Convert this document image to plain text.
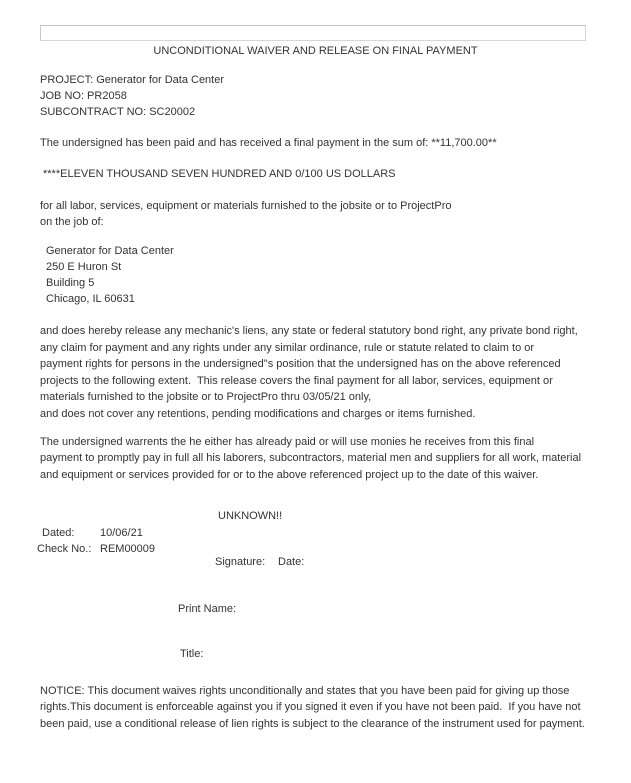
UNCONDITIONAL WAIVER AND RELEASE ON FINAL PAYMENT
PROJECT: Generator for Data Center
JOB NO: PR2058
SUBCONTRACT NO: SC20002
The undersigned has been paid and has received a final payment in the sum of: **11,700.00**
****ELEVEN THOUSAND SEVEN HUNDRED AND 0/100 US DOLLARS
for all labor, services, equipment or materials furnished to the jobsite or to ProjectPro
on the job of:
Generator for Data Center
250 E Huron St
Building 5
Chicago, IL 60631
and does hereby release any mechanic's liens, any state or federal statutory bond right, any private bond right,
any claim for payment and any rights under any similar ordinance, rule or statute related to claim to or
payment rights for persons in the undersigned"s position that the undersigned has on the above referenced
projects to the following extent.  This release covers the final payment for all labor, services, equipment or
materials furnished to the jobsite or to ProjectPro thru 03/05/21 only,
and does not cover any retentions, pending modifications and charges or items furnished.
The undersigned warrents the he either has already paid or will use monies he receives from this final
payment to promptly pay in full all his laborers, subcontractors, material men and suppliers for all work, material
and equipment or services provided for or to the above referenced project up to the date of this waiver.
UNKNOWN!!
Dated: 10/06/21
Check No.: REM00009
Signature: Date:
Print Name:
Title:
NOTICE: This document waives rights unconditionally and states that you have been paid for giving up those
rights.This document is enforceable against you if you signed it even if you have not been paid.  If you have not
been paid, use a conditional release of lien rights is subject to the clearance of the instrument used for payment.
